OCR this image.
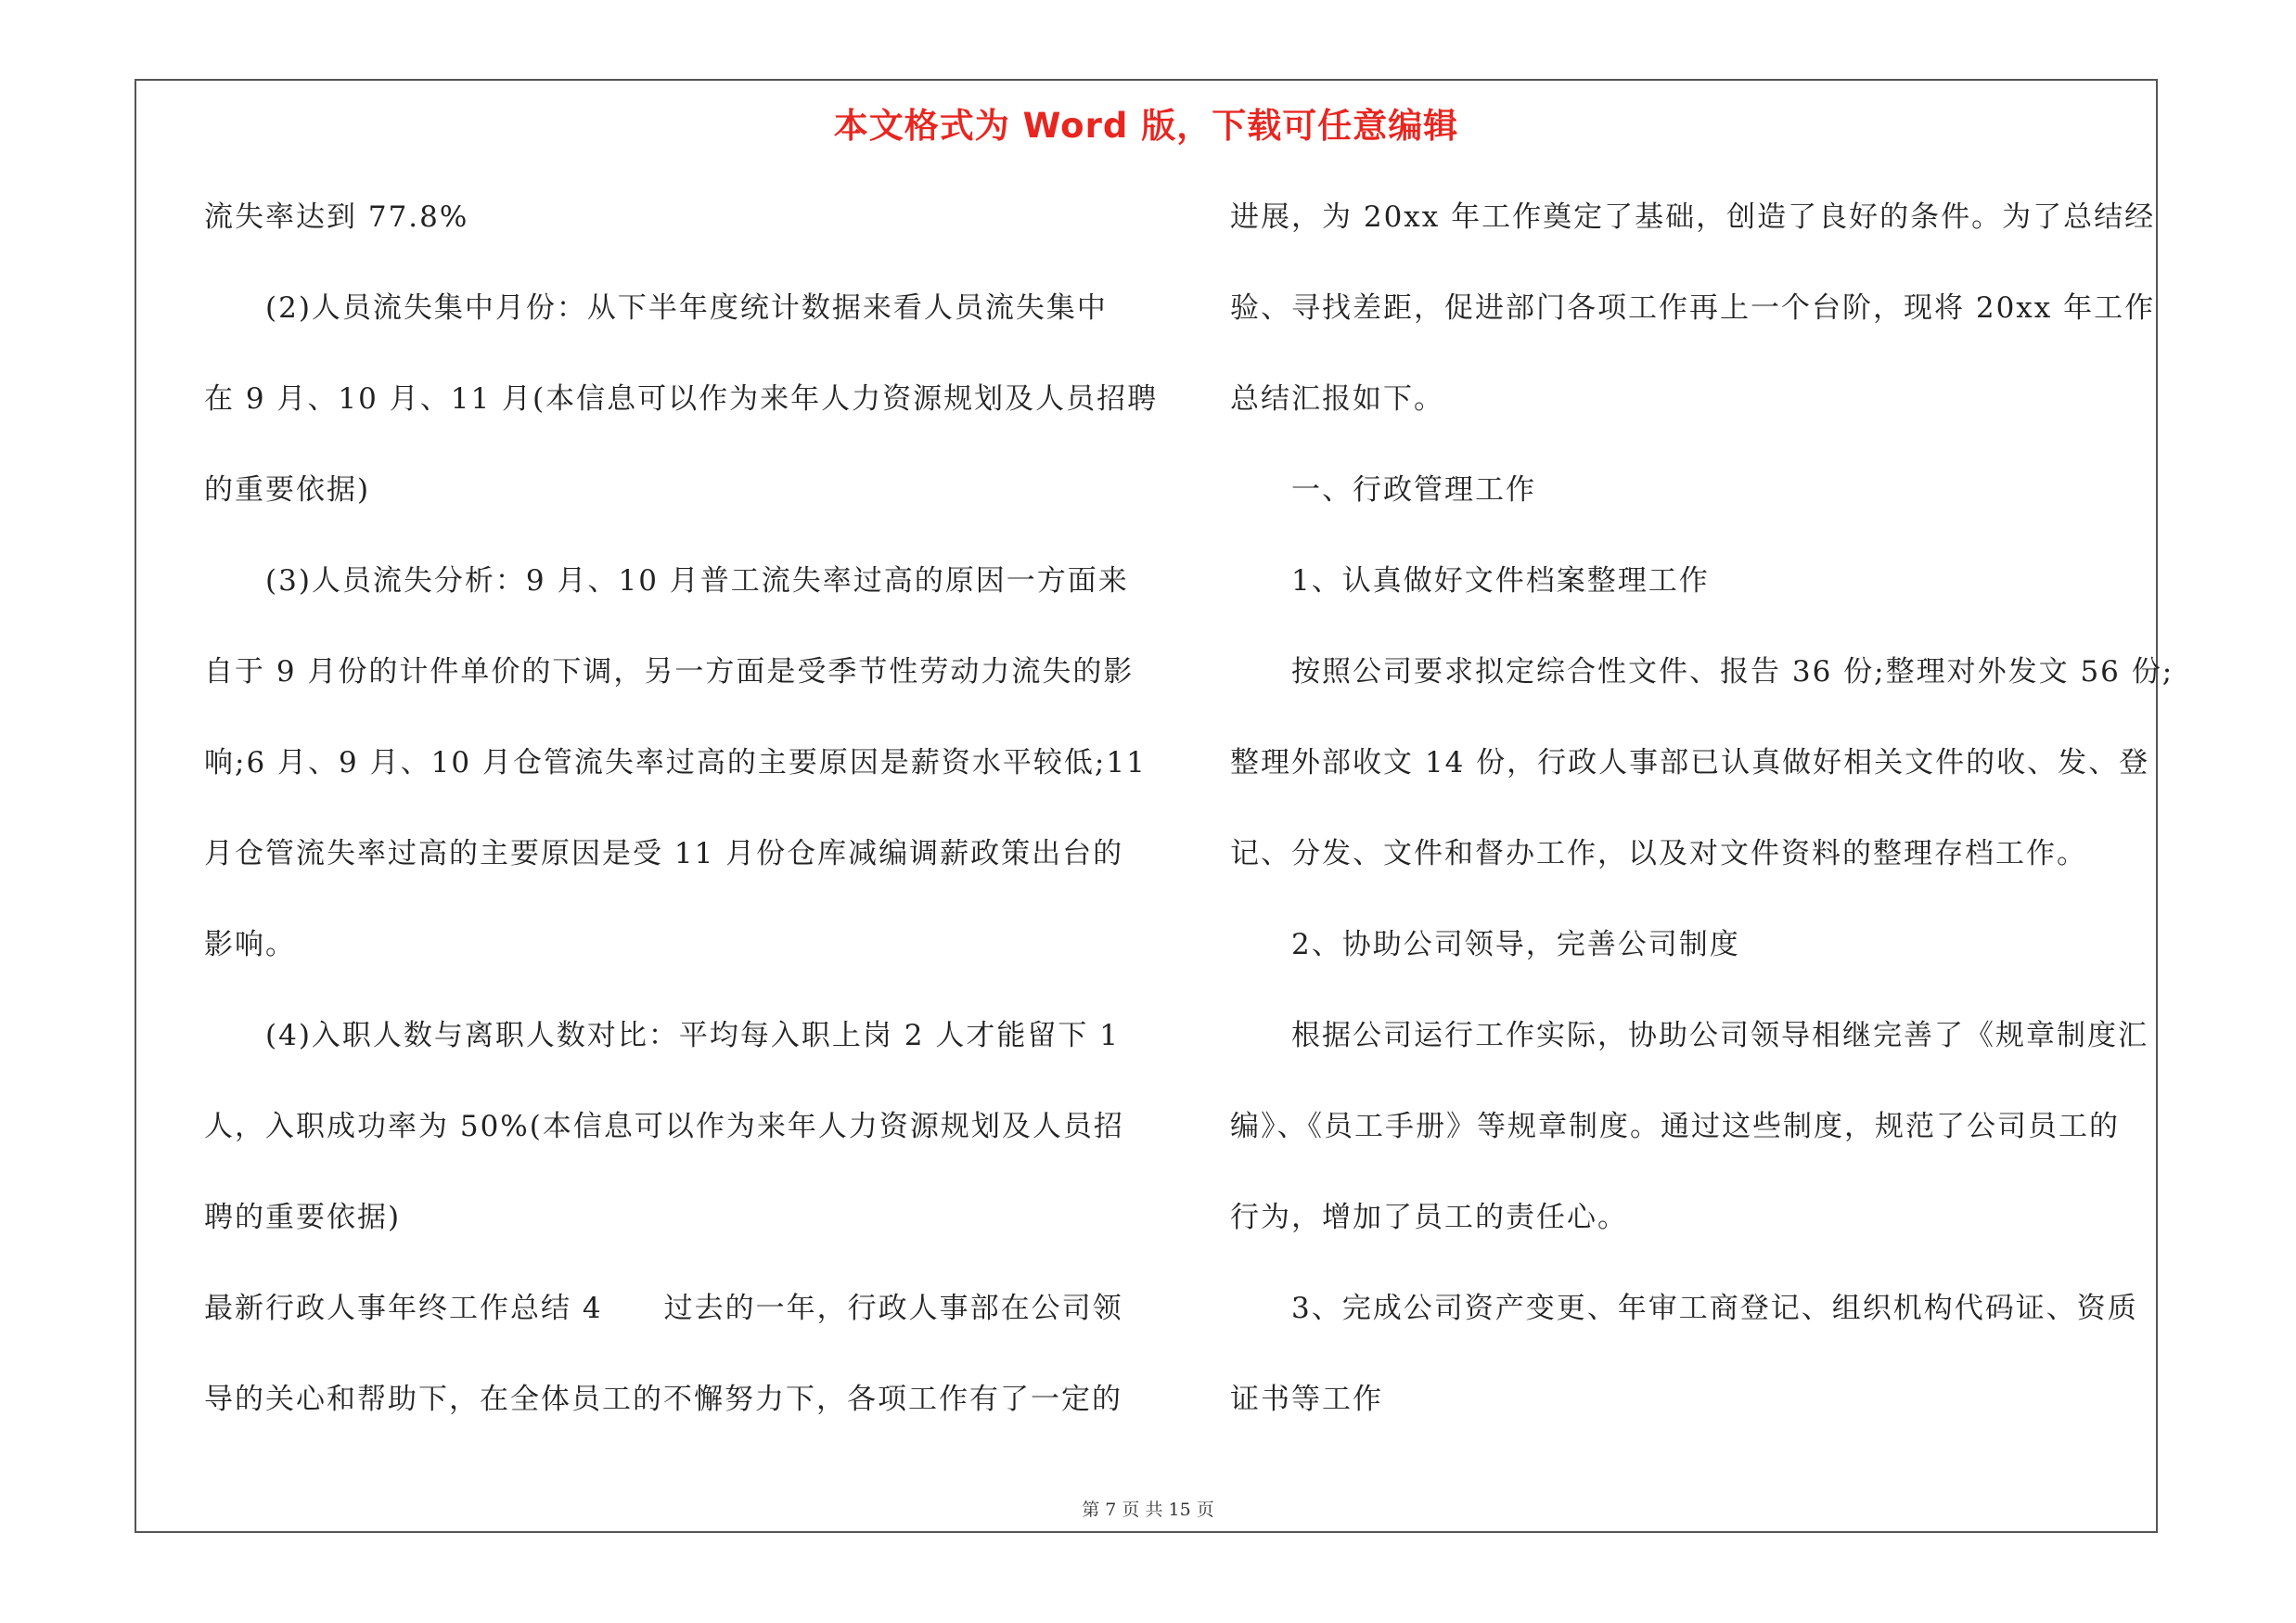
本文格式为 Word 版，下载可任意编辑
流失率达到 77.8%
　　(2)人员流失集中月份：从下半年度统计数据来看人员流失集中
在 9 月、10 月、11 月(本信息可以作为来年人力资源规划及人员招聘
的重要依据)
　　(3)人员流失分析：9 月、10 月普工流失率过高的原因一方面来
自于 9 月份的计件单价的下调，另一方面是受季节性劳动力流失的影
响;6 月、9 月、10 月仓管流失率过高的主要原因是薪资水平较低;11
月仓管流失率过高的主要原因是受 11 月份仓库减编调薪政策出台的
影响。
　　(4)入职人数与离职人数对比：平均每入职上岗 2 人才能留下 1
人，入职成功率为 50%(本信息可以作为来年人力资源规划及人员招
聘的重要依据)
最新行政人事年终工作总结 4　　过去的一年，行政人事部在公司领
导的关心和帮助下，在全体员工的不懈努力下，各项工作有了一定的
进展，为 20xx 年工作奠定了基础，创造了良好的条件。为了总结经
验、寻找差距，促进部门各项工作再上一个台阶，现将 20xx 年工作
总结汇报如下。
　　一、行政管理工作
　　1、认真做好文件档案整理工作
　　按照公司要求拟定综合性文件、报告 36 份;整理对外发文 56 份;
整理外部收文 14 份，行政人事部已认真做好相关文件的收、发、登
记、分发、文件和督办工作，以及对文件资料的整理存档工作。
　　2、协助公司领导，完善公司制度
　　根据公司运行工作实际，协助公司领导相继完善了《规章制度汇
编》、《员工手册》等规章制度。通过这些制度，规范了公司员工的
行为，增加了员工的责任心。
　　3、完成公司资产变更、年审工商登记、组织机构代码证、资质
证书等工作
第 7 页 共 15 页
